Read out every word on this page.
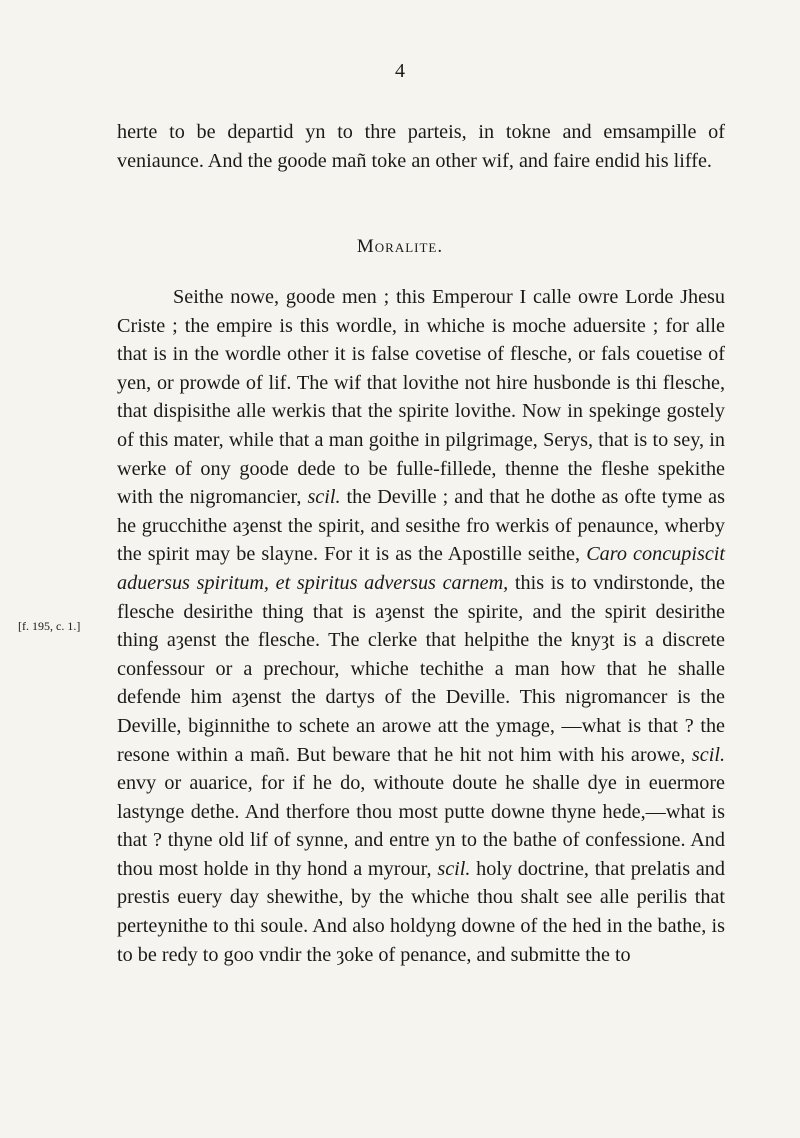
4

herte to be departid yn to thre parteis, in tokne and emsampille of veniaunce. And the goode mañ toke an other wif, and faire endid his liffe.

Moralite.

Seithe nowe, goode men ; this Emperour I calle owre Lorde Jhesu Criste ; the empire is this wordle, in whiche is moche aduersite ; for alle that is in the wordle other it is false covetise of flesche, or fals couetise of yen, or prowde of lif. The wif that lovithe not hire husbonde is thi flesche, that dispisithe alle werkis that the spirite lovithe. Now in spekinge gostely of this mater, while that a man goithe in pilgrimage, Serys, that is to sey, in werke of ony goode dede to be fulle-fillede, thenne the fleshe spekithe with the nigromancier, scil. the Deville ; and that he dothe as ofte tyme as he grucchithe aȝenst the spirit, and sesithe fro werkis of penaunce, wherby the spirit may be slayne. For it is as the Apostille seithe, Caro concupiscit aduersus spiritum, et spiritus adversus carnem, this is to vndirstonde, the flesche desirithe thing that is aȝenst the spirite, and the spirit desirithe thing aȝenst the flesche. The clerke that helpithe the knyȝt is a discrete confessour or a prechour, whiche techithe a man how that he shalle defende him aȝenst the dartys of the Deville. This nigromancer is the Deville, biginnithe to schete an arowe att the ymage, —what is that ? the resone within a mañ. But beware that he hit not him with his arowe, scil. envy or auarice, for if he do, withoute doute he shalle dye in euermore lastynge dethe. And therfore thou most putte downe thyne hede,—what is that ? thyne old lif of synne, and entre yn to the bathe of confessione. And thou most holde in thy hond a myrour, scil. holy doctrine, that prelatis and prestis euery day shewithe, by the whiche thou shalt see alle perilis that perteynithe to thi soule. And also holdyng downe of the hed in the bathe, is to be redy to goo vndir the ȝoke of penance, and submitte the to

[f. 195, c. 1.]
